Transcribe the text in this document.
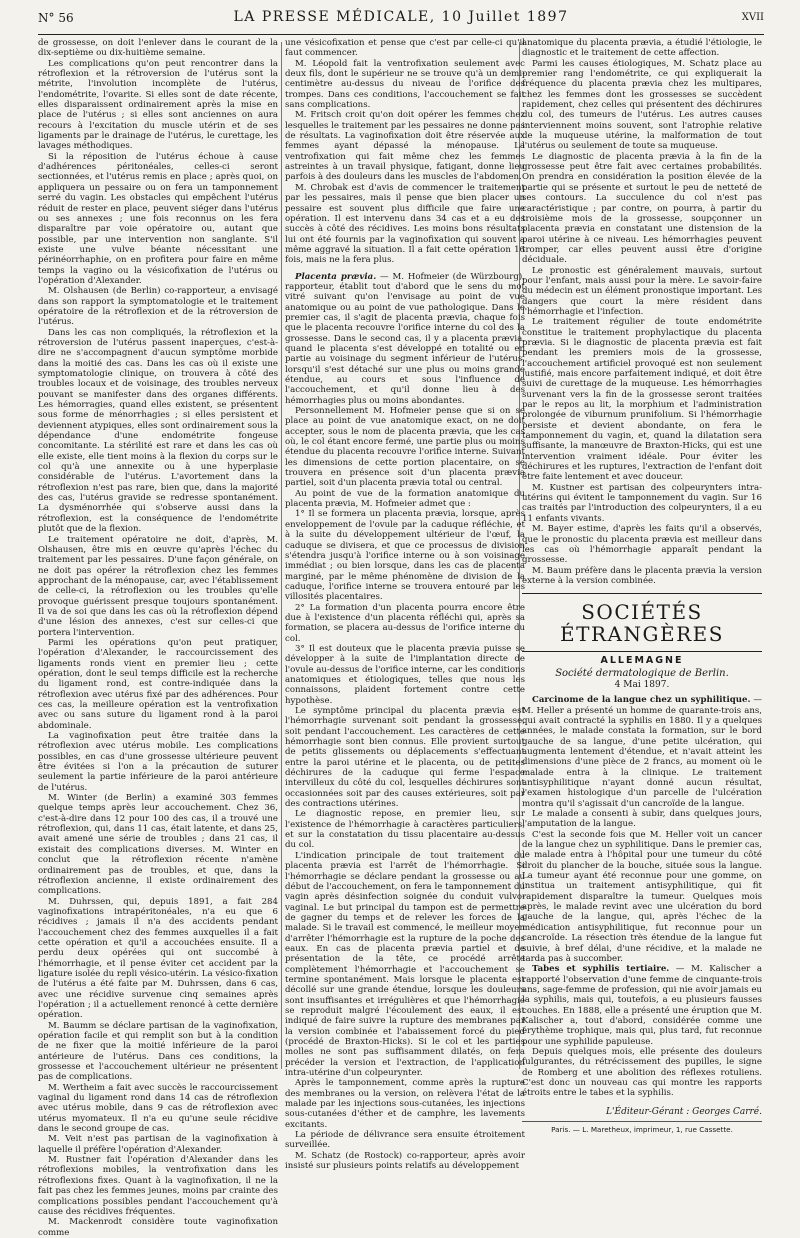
N° 56	LA PRESSE MÉDICALE, 10 Juillet 1897	XVII

de grossesse, on doit l'enlever dans le courant de la dix-septième ou dix-huitième semaine.

Les complications qu'on peut rencontrer dans la rétroflexion et la rétroversion de l'utérus sont la métrite, l'involution incomplète de l'utérus, l'endométrite, l'ovarite. Si elles sont de date récente, elles disparaissent ordinairement après la mise en place de l'utérus ; si elles sont anciennes on aura recours à l'excitation du muscle utérin et de ses ligaments par le drainage de l'utérus, le curettage, les lavages méthodiques.

Si la réposition de l'utérus échoue à cause d'adhérences péritonéales, celles-ci seront sectionnées, et l'utérus remis en place ; après quoi, on appliquera un pessaire ou on fera un tamponnement serré du vagin. Les obstacles qui empêchent l'utérus réduit de rester en place, peuvent siéger dans l'utérus ou ses annexes ; une fois reconnus on les fera disparaître par voie opératoire ou, autant que possible, par une intervention non sanglante. S'il existe une vulve béante nécessitant une périnéorrhaphie, on en profitera pour faire en même temps la vagino ou la vésicofixation de l'utérus ou l'opération d'Alexander.

M. Olshausen (de Berlin) co-rapporteur, a envisagé dans son rapport la symptomatologie et le traitement opératoire de la rétroflexion et de la rétroversion de l'utérus.

Dans les cas non compliqués, la rétroflexion et la rétroversion de l'utérus passent inaperçues, c'est-à-dire ne s'accompagnent d'aucun symptôme morbide dans la moitié des cas. Dans les cas où il existe une symptomatologie clinique, on trouvera à côté des troubles locaux et de voisinage, des troubles nerveux pouvant se manifester dans des organes différents. Les hémorragies, quand elles existent, se présentent sous forme de ménorrhagies ; si elles persistent et deviennent atypiques, elles sont ordinairement sous la dépendance d'une endométrite fongeuse concomitante. La stérilité est rare et dans les cas où elle existe, elle tient moins à la flexion du corps sur le col qu'à une annexite ou à une hyperplasie considérable de l'utérus. L'avortement dans la rétroflexion n'est pas rare, bien que, dans la majorité des cas, l'utérus gravide se redresse spontanément. La dysménorrhée qui s'observe aussi dans la rétroflexion, est la conséquence de l'endométrite plutôt que de la flexion.

Le traitement opératoire ne doit, d'après, M. Olshausen, être mis en œuvre qu'après l'échec du traitement par les pessaires. D'une façon générale, on ne doit pas opérer la rétroflexion chez les femmes approchant de la ménopause, car, avec l'établissement de celle-ci, la rétroflexion ou les troubles qu'elle provoque guérissent presque toujours spontanément. Il va de soi que dans les cas où la rétroflexion dépend d'une lésion des annexes, c'est sur celles-ci que portera l'intervention.

Parmi les opérations qu'on peut pratiquer, l'opération d'Alexander, le raccourcissement des ligaments ronds vient en premier lieu ; cette opération, dont le seul temps difficile est la recherche du ligament rond, est contre-indiquée dans la rétroflexion avec utérus fixé par des adhérences. Pour ces cas, la meilleure opération est la ventrofixation avec ou sans suture du ligament rond à la paroi abdominale.

La vaginofixation peut être traitée dans la rétroflexion avec utérus mobile. Les complications possibles, en cas d'une grossesse ultérieure peuvent être évitées si l'on a la précaution de suturer seulement la partie inférieure de la paroi antérieure de l'utérus.

M. Winter (de Berlin) a examiné 303 femmes quelque temps après leur accouchement. Chez 36, c'est-à-dire dans 12 pour 100 des cas, il a trouvé une rétroflexion, qui, dans 11 cas, était latente, et dans 25, avait amené une série de troubles ; dans 21 cas, il existait des complications diverses. M. Winter en conclut que la rétroflexion récente n'amène ordinairement pas de troubles, et que, dans la rétroflexion ancienne, il existe ordinairement des complications.

M. Duhrssen, qui, depuis 1891, a fait 284 vaginofixations intrapéritonéales, n'a eu que 6 récidives ; jamais il n'a des accidents pendant l'accouchement chez des femmes auxquelles il a fait cette opération et qu'il a accouchées ensuite. Il a perdu deux opérées qui ont succombé à l'hémorrhagie, et il pense éviter cet accident par la ligature isolée du repli vésico-utérin. La vésico-fixation de l'utérus a été faite par M. Duhrssen, dans 6 cas, avec une récidive survenue cinq semaines après l'opération ; il a actuellement renoncé à cette dernière opération.

M. Baumm se déclare partisan de la vaginofixation, opération facile et qui remplit son but à la condition de ne fixer que la moitié inférieure de la paroi antérieure de l'utérus. Dans ces conditions, la grossesse et l'accouchement ultérieur ne présentent pas de complications.

M. Wertheim a fait avec succès le raccourcissement vaginal du ligament rond dans 14 cas de rétroflexion avec utérus mobile, dans 9 cas de rétroflexion avec utérus myomateux. Il n'a eu qu'une seule récidive dans le second groupe de cas.

M. Veit n'est pas partisan de la vaginofixation à laquelle il préfère l'opération d'Alexander.

M. Rustner fait l'opération d'Alexander dans les rétroflexions mobiles, la ventrofixation dans les rétroflexions fixes. Quant à la vaginofixation, il ne la fait pas chez les femmes jeunes, moins par crainte des complications possibles pendant l'accouchement qu'à cause des récidives fréquentes.

M. Mackenrodt considère toute vaginofixation comme

une vésicofixation et pense que c'est par celle-ci qu'il faut commencer.

M. Léopold fait la ventrofixation seulement avec deux fils, dont le supérieur ne se trouve qu'à un demi-centimètre au-dessus du niveau de l'orifice des trompes. Dans ces conditions, l'accouchement se fait sans complications.

M. Fritsch croit qu'on doit opérer les femmes chez lesquelles le traitement par les pessaires ne donne pas de résultats. La vaginofixation doit être réservée aux femmes ayant dépassé la ménopause. La ventrofixation qui fait même chez les femmes astreintes à un travail physique, fatigant, donne lieu parfois à des douleurs dans les muscles de l'abdomen.

M. Chrobak est d'avis de commencer le traitement par les pessaires, mais il pense que bien placer un pessaire est souvent plus difficile que faire une opération. Il est intervenu dans 34 cas et a eu des succès à côté des récidives. Les moins bons résultats lui ont été fournis par la vaginofixation qui souvent a même aggravé la situation. Il a fait cette opération 16 fois, mais ne la fera plus.

Placenta prævia. — M. Hofmeier (de Würzbourg), rapporteur, établit tout d'abord que le sens du mot vitré suivant qu'on l'envisage au point de vue anatomique ou au point de vue pathologique. Dans le premier cas, il s'agit de placenta prævia, chaque fois que le placenta recouvre l'orifice interne du col des la grossesse. Dans le second cas, il y a placenta prævia, quand le placenta s'est développé en totalité ou en partie au voisinage du segment inférieur de l'utérus, lorsqu'il s'est détaché sur une plus ou moins grande étendue, au cours et sous l'influence de l'accouchement, et qu'il donne lieu à des hémorrhagies plus ou moins abondantes.

Personnellement M. Hofmeier pense que si on se place au point de vue anatomique exact, on ne doit accepter, sous le nom de placenta prævia, que les cas où, le col étant encore fermé, une partie plus ou moins étendue du placenta recouvre l'orifice interne. Suivant les dimensions de cette portion placentaire, on se trouvera en présence soit d'un placenta prævia partiel, soit d'un placenta prævia total ou central.

Au point de vue de la formation anatomique du placenta prævia, M. Hofmeier admet que :

1° Il se formera un placenta prævia, lorsque, après enveloppement de l'ovule par la caduque réfléchie, et à la suite du développement ultérieur de l'œuf, la caduque se divisera, et que ce processus de division s'étendra jusqu'à l'orifice interne ou à son voisinage immédiat ; ou bien lorsque, dans les cas de placenta marginé, par le même phénomène de division de la caduque, l'orifice interne se trouvera entouré par les villosités placentaires.

2° La formation d'un placenta pourra encore être due à l'existence d'un placenta réfléchi qui, après sa formation, se placera au-dessus de l'orifice interne du col.

3° Il est douteux que le placenta prævia puisse se développer à la suite de l'implantation directe de l'ovule au-dessus de l'orifice interne, car les conditions anatomiques et étiologiques, telles que nous les connaissons, plaident fortement contre cette hypothèse.

Le symptôme principal du placenta prævia est l'hémorrhagie survenant soit pendant la grossesse, soit pendant l'accouchement. Les caractères de cette hémorrhagie sont bien connus. Elle provient surtout de petits glissements ou déplacements s'effectuant entre la paroi utérine et le placenta, ou de petites déchirures de la caduque qui ferme l'espace intervilleux du côté du col, lesquelles déchirures sont occasionnées soit par des causes extérieures, soit par des contractions utérines.

Le diagnostic repose, en premier lieu, sur l'existence de l'hémorrhagie à caractères particuliers, et sur la constatation du tissu placentaire au-dessus du col.

L'indication principale de tout traitement du placenta prævia est l'arrêt de l'hémorrhagie. Si l'hémorrhagie se déclare pendant la grossesse ou au début de l'accouchement, on fera le tamponnement du vagin après désinfection soignée du conduit vulvo-vaginal. Le but principal du tampon est de permettre de gagner du temps et de relever les forces de la malade. Si le travail est commencé, le meilleur moyen d'arrêter l'hémorrhagie est la rupture de la poche des eaux. En cas de placenta prævia partiel et de présentation de la tête, ce procédé arrête complètement l'hémorrhagie et l'accouchement se termine spontanément. Mais lorsque le placenta est décollé sur une grande étendue, lorsque les douleurs sont insuffisantes et irrégulières et que l'hémorrhagie se reproduit malgré l'écoulement des eaux, il est indiqué de faire suivre la rupture des membranes par la version combinée et l'abaissement forcé du pied (procédé de Braxton-Hicks). Si le col et les parties molles ne sont pas suffisamment dilatés, on fera précéder la version et l'extraction, de l'application intra-utérine d'un colpeurynter.

Après le tamponnement, comme après la rupture des membranes ou la version, on relèvera l'état de la malade par les injections sous-cutanées, les injections sous-cutanées d'éther et de camphre, les lavements excitants.

La période de délivrance sera ensuite étroitement surveillée.

M. Schatz (de Rostock) co-rapporteur, après avoir insisté sur plusieurs points relatifs au développement

anatomique du placenta prævia, a étudié l'étiologie, le diagnostic et le traitement de cette affection.

Parmi les causes étiologiques, M. Schatz place au premier rang l'endométrite, ce qui expliquerait la fréquence du placenta prævia chez les multipares, chez les femmes dont les grossesses se succèdent rapidement, chez celles qui présentent des déchirures du col, des tumeurs de l'utérus. Les autres causes interviennent moins souvent, sont l'atrophie relative de la muqueuse utérine, la malformation de tout l'utérus ou seulement de toute sa muqueuse.

Le diagnostic de placenta prævia à la fin de la grossesse peut être fait avec certaines probabilités. On prendra en considération la position élevée de la partie qui se présente et surtout le peu de netteté de ses contours. La succulence du col n'est pas caractéristique ; par contre, on pourra, à partir du troisième mois de la grossesse, soupçonner un placenta prævia en constatant une distension de la paroi utérine à ce niveau. Les hémorrhagies peuvent tromper, car elles peuvent aussi être d'origine déciduale.

Le pronostic est généralement mauvais, surtout pour l'enfant, mais aussi pour la mère. Le savoir-faire du médecin est un élément pronostique important. Les dangers que court la mère résident dans l'hémorrhagie et l'infection.

Le traitement régulier de toute endométrite constitue le traitement prophylactique du placenta prævia. Si le diagnostic de placenta prævia est fait pendant les premiers mois de la grossesse, l'accouchement artificiel provoqué est non seulement justifié, mais encore parfaitement indiqué, et doit être suivi de curettage de la muqueuse. Les hémorrhagies survenant vers la fin de la grossesse seront traitées par le repos au lit, la morphium et l'administration prolongée de viburnum prunifolium. Si l'hémorrhagie persiste et devient abondante, on fera le tamponnement du vagin, et, quand la dilatation sera suffisante, la manœuvre de Braxton-Hicks, qui est une intervention vraiment idéale. Pour éviter les déchirures et les ruptures, l'extraction de l'enfant doit être faite lentement et avec douceur.

M. Kustner est partisan des colpeurynters intra-utérins qui évitent le tamponnement du vagin. Sur 16 cas traités par l'introduction des colpeurynters, il a eu 11 enfants vivants.

M. Bayer estime, d'après les faits qu'il a observés, que le pronostic du placenta prævia est meilleur dans les cas où l'hémorrhagie apparaît pendant la grossesse.

M. Baum préfère dans le placenta prævia la version externe à la version combinée.

SOCIÉTÉS ÉTRANGÈRES
ALLEMAGNE
Société dermatologique de Berlin.
4 Mai 1897.

Carcinome de la langue chez un syphilitique. — M. Heller a présenté un homme de quarante-trois ans, qui avait contracté la syphilis en 1880. Il y a quelques années, le malade constata la formation, sur le bord gauche de sa langue, d'une petite ulcération, qui augmenta lentement d'étendue, et n'avait atteint les dimensions d'une pièce de 2 francs, au moment où le malade entra à la clinique. Le traitement antisyphilitique n'ayant donné aucun résultat, l'examen histologique d'un parcelle de l'ulcération montra qu'il s'agissait d'un cancroïde de la langue.

Le malade a consenti à subir, dans quelques jours, l'amputation de la langue.

C'est la seconde fois que M. Heller voit un cancer de la langue chez un syphilitique. Dans le premier cas, le malade entra à l'hôpital pour une tumeur du côté droit du plancher de la bouche, située sous la langue. La tumeur ayant été reconnue pour une gomme, on institua un traitement antisyphilitique, qui fit rapidement disparaître la tumeur. Quelques mois après, le malade revint avec une ulcération du bord gauche de la langue, qui, après l'échec de la médication antisyphilitique, fut reconnue pour un cancroïde. La résection très étendue de la langue fut suivie, à bref délai, d'une récidive, et la malade ne tarda pas à succomber.

Tabes et syphilis tertiaire. — M. Kalischer a rapporté l'observation d'une femme de cinquante-trois ans, sage-femme de profession, qui nie avoir jamais eu la syphilis, mais qui, toutefois, a eu plusieurs fausses couches. En 1888, elle a présenté une éruption que M. Kalischer a, tout d'abord, considérée comme une érythème trophique, mais qui, plus tard, fut reconnue pour une syphilide papuleuse.

Depuis quelques mois, elle présente des douleurs fulgurantes, du rétrécissement des pupilles, le signe de Romberg et une abolition des réflexes rotuliens. C'est donc un nouveau cas qui montre les rapports étroits entre le tabes et la syphilis.

L'Éditeur-Gérant : Georges Carré.
Paris. — L. Maretheux, imprimeur, 1, rue Cassette.
